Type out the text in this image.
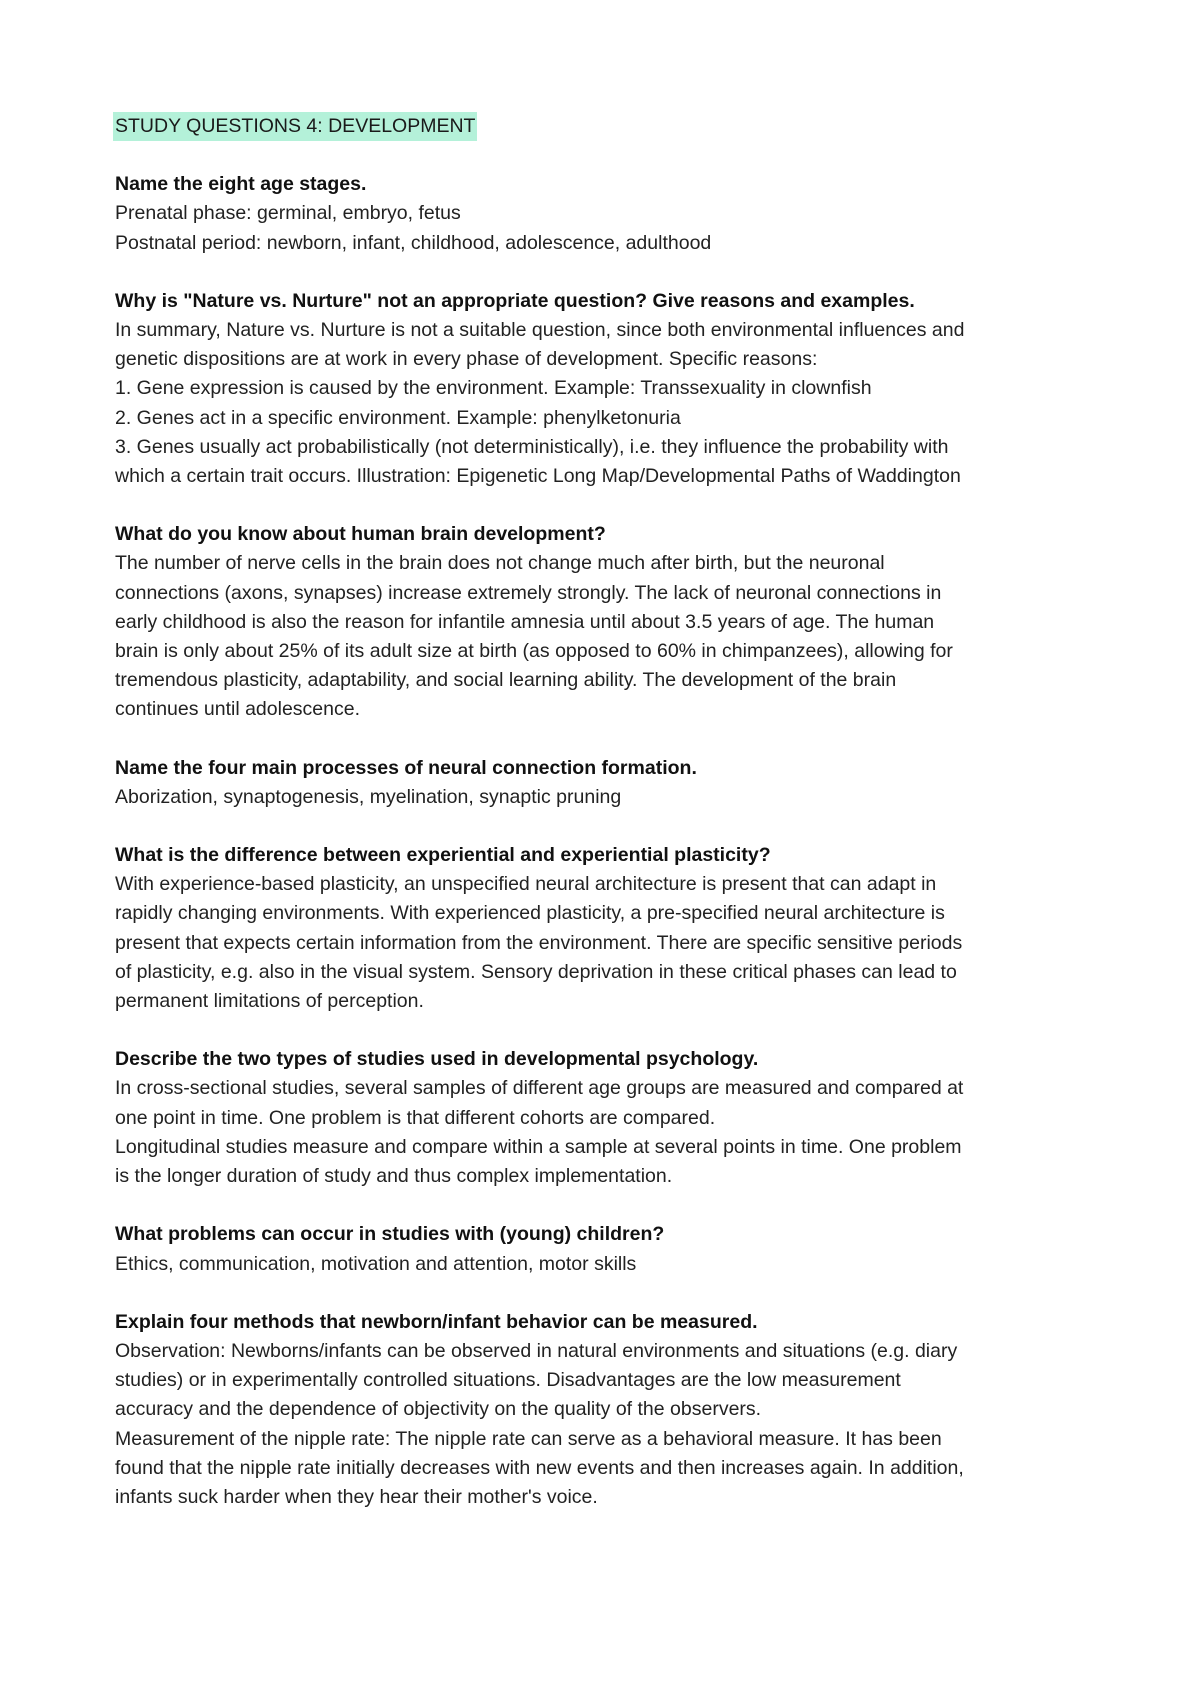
STUDY QUESTIONS 4: DEVELOPMENT
Name the eight age stages.
Prenatal phase: germinal, embryo, fetus
Postnatal period: newborn, infant, childhood, adolescence, adulthood
Why is "Nature vs. Nurture" not an appropriate question? Give reasons and examples.
In summary, Nature vs. Nurture is not a suitable question, since both environmental influences and
genetic dispositions are at work in every phase of development. Specific reasons:
1. Gene expression is caused by the environment. Example: Transsexuality in clownfish
2. Genes act in a specific environment. Example: phenylketonuria
3. Genes usually act probabilistically (not deterministically), i.e. they influence the probability with
which a certain trait occurs. Illustration: Epigenetic Long Map/Developmental Paths of Waddington
What do you know about human brain development?
The number of nerve cells in the brain does not change much after birth, but the neuronal
connections (axons, synapses) increase extremely strongly. The lack of neuronal connections in
early childhood is also the reason for infantile amnesia until about 3.5 years of age. The human
brain is only about 25% of its adult size at birth (as opposed to 60% in chimpanzees), allowing for
tremendous plasticity, adaptability, and social learning ability. The development of the brain
continues until adolescence.
Name the four main processes of neural connection formation.
Aborization, synaptogenesis, myelination, synaptic pruning
What is the difference between experiential and experiential plasticity?
With experience-based plasticity, an unspecified neural architecture is present that can adapt in
rapidly changing environments. With experienced plasticity, a pre-specified neural architecture is
present that expects certain information from the environment. There are specific sensitive periods
of plasticity, e.g. also in the visual system. Sensory deprivation in these critical phases can lead to
permanent limitations of perception.
Describe the two types of studies used in developmental psychology.
In cross-sectional studies, several samples of different age groups are measured and compared at
one point in time. One problem is that different cohorts are compared.
Longitudinal studies measure and compare within a sample at several points in time. One problem
is the longer duration of study and thus complex implementation.
What problems can occur in studies with (young) children?
Ethics, communication, motivation and attention, motor skills
Explain four methods that newborn/infant behavior can be measured.
Observation: Newborns/infants can be observed in natural environments and situations (e.g. diary
studies) or in experimentally controlled situations. Disadvantages are the low measurement
accuracy and the dependence of objectivity on the quality of the observers.
Measurement of the nipple rate: The nipple rate can serve as a behavioral measure. It has been
found that the nipple rate initially decreases with new events and then increases again. In addition,
infants suck harder when they hear their mother's voice.
